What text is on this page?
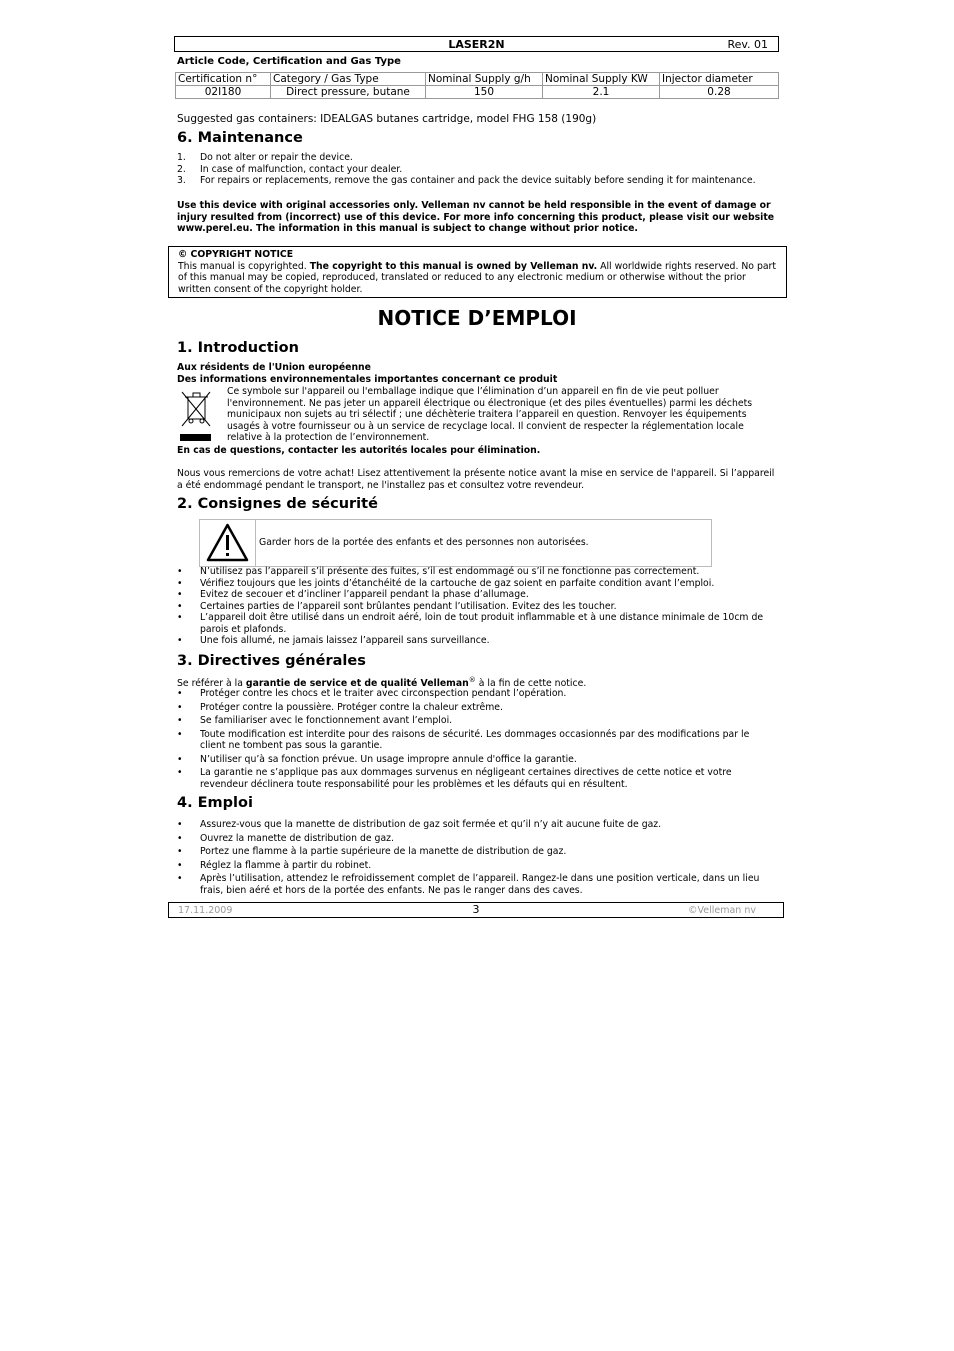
LASER2N	Rev. 01
Article Code, Certification and Gas Type
Certification n°	Category / Gas Type	Nominal Supply g/h	Nominal Supply KW	Injector diameter
02I180	Direct pressure, butane	150	2.1	0.28
Suggested gas containers: IDEALGAS butanes cartridge, model FHG 158 (190g)
6. Maintenance
1. Do not alter or repair the device.
2. In case of malfunction, contact your dealer.
3. For repairs or replacements, remove the gas container and pack the device suitably before sending it for maintenance.
Use this device with original accessories only. Velleman nv cannot be held responsible in the event of damage or injury resulted from (incorrect) use of this device. For more info concerning this product, please visit our website www.perel.eu. The information in this manual is subject to change without prior notice.
© COPYRIGHT NOTICE
This manual is copyrighted. The copyright to this manual is owned by Velleman nv. All worldwide rights reserved. No part of this manual may be copied, reproduced, translated or reduced to any electronic medium or otherwise without the prior written consent of the copyright holder.
NOTICE D’EMPLOI
1. Introduction
Aux résidents de l'Union européenne
Des informations environnementales importantes concernant ce produit
Ce symbole sur l'appareil ou l'emballage indique que l’élimination d’un appareil en fin de vie peut polluer l'environnement. Ne pas jeter un appareil électrique ou électronique (et des piles éventuelles) parmi les déchets municipaux non sujets au tri sélectif ; une déchèterie traitera l’appareil en question. Renvoyer les équipements usagés à votre fournisseur ou à un service de recyclage local. Il convient de respecter la réglementation locale relative à la protection de l’environnement.
En cas de questions, contacter les autorités locales pour élimination.
Nous vous remercions de votre achat! Lisez attentivement la présente notice avant la mise en service de l'appareil. Si l’appareil a été endommagé pendant le transport, ne l'installez pas et consultez votre revendeur.
2. Consignes de sécurité
Garder hors de la portée des enfants et des personnes non autorisées.
• N’utilisez pas l’appareil s’il présente des fuites, s’il est endommagé ou s’il ne fonctionne pas correctement.
• Vérifiez toujours que les joints d’étanchéité de la cartouche de gaz soient en parfaite condition avant l’emploi.
• Evitez de secouer et d’incliner l’appareil pendant la phase d’allumage.
• Certaines parties de l’appareil sont brûlantes pendant l’utilisation. Evitez des les toucher.
• L’appareil doit être utilisé dans un endroit aéré, loin de tout produit inflammable et à une distance minimale de 10cm de parois et plafonds.
• Une fois allumé, ne jamais laissez l’appareil sans surveillance.
3. Directives générales
Se référer à la garantie de service et de qualité Velleman® à la fin de cette notice.
• Protéger contre les chocs et le traiter avec circonspection pendant l’opération.
• Protéger contre la poussière. Protéger contre la chaleur extrême.
• Se familiariser avec le fonctionnement avant l’emploi.
• Toute modification est interdite pour des raisons de sécurité. Les dommages occasionnés par des modifications par le client ne tombent pas sous la garantie.
• N’utiliser qu’à sa fonction prévue. Un usage impropre annule d'office la garantie.
• La garantie ne s’applique pas aux dommages survenus en négligeant certaines directives de cette notice et votre revendeur déclinera toute responsabilité pour les problèmes et les défauts qui en résultent.
4. Emploi
• Assurez-vous que la manette de distribution de gaz soit fermée et qu’il n’y ait aucune fuite de gaz.
• Ouvrez la manette de distribution de gaz.
• Portez une flamme à la partie supérieure de la manette de distribution de gaz.
• Réglez la flamme à partir du robinet.
• Après l’utilisation, attendez le refroidissement complet de l’appareil. Rangez-le dans une position verticale, dans un lieu frais, bien aéré et hors de la portée des enfants. Ne pas le ranger dans des caves.
17.11.2009	3	©Velleman nv
